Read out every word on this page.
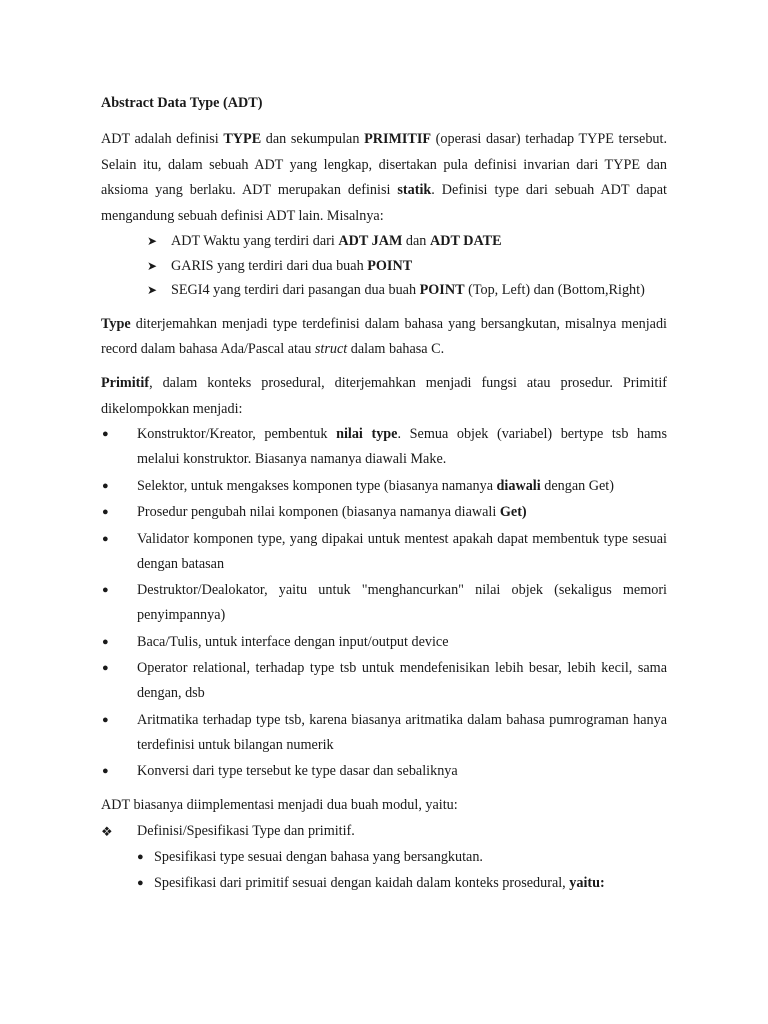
Abstract Data Type (ADT)

ADT adalah definisi TYPE dan sekumpulan PRIMITIF (operasi dasar) terhadap TYPE tersebut. Selain itu, dalam sebuah ADT yang lengkap, disertakan pula definisi invarian dari TYPE dan aksioma yang berlaku. ADT merupakan definisi statik. Definisi type dari sebuah ADT dapat mengandung sebuah definisi ADT lain. Misalnya:

➤ ADT Waktu yang terdiri dari ADT JAM dan ADT DATE
➤ GARIS yang terdiri dari dua buah POINT
➤ SEGI4 yang terdiri dari pasangan dua buah POINT (Top, Left) dan (Bottom,Right)

Type diterjemahkan menjadi type terdefinisi dalam bahasa yang bersangkutan, misalnya menjadi record dalam bahasa Ada/Pascal atau struct dalam bahasa C.

Primitif, dalam konteks prosedural, diterjemahkan menjadi fungsi atau prosedur. Primitif dikelompokkan menjadi:

● Konstruktor/Kreator, pembentuk nilai type. Semua objek (variabel) bertype tsb hams melalui konstruktor. Biasanya namanya diawali Make.
● Selektor, untuk mengakses komponen type (biasanya namanya diawali dengan Get)
● Prosedur pengubah nilai komponen (biasanya namanya diawali Get)
● Validator komponen type, yang dipakai untuk mentest apakah dapat membentuk type sesuai dengan batasan
● Destruktor/Dealokator, yaitu untuk "menghancurkan" nilai objek (sekaligus memori penyimpannya)
● Baca/Tulis, untuk interface dengan input/output device
● Operator relational, terhadap type tsb untuk mendefenisikan lebih besar, lebih kecil, sama dengan, dsb
● Aritmatika terhadap type tsb, karena biasanya aritmatika dalam bahasa pumrograman hanya terdefinisi untuk bilangan numerik
● Konversi dari type tersebut ke type dasar dan sebaliknya

ADT biasanya diimplementasi menjadi dua buah modul, yaitu:

❖ Definisi/Spesifikasi Type dan primitif.
● Spesifikasi type sesuai dengan bahasa yang bersangkutan.
● Spesifikasi dari primitif sesuai dengan kaidah dalam konteks prosedural, yaitu:
